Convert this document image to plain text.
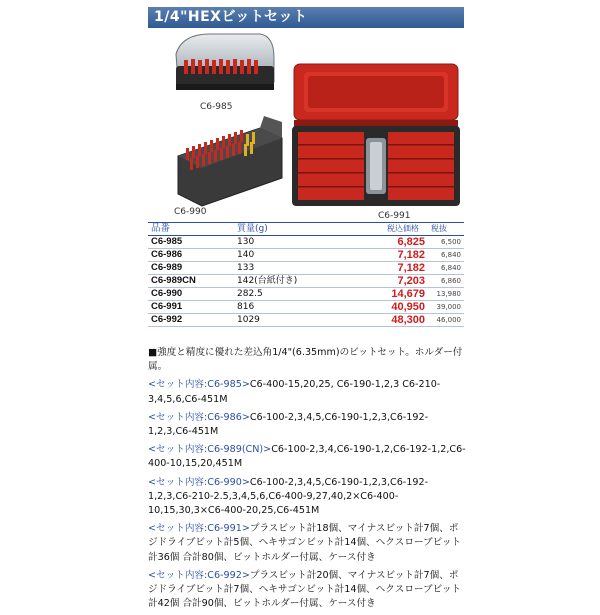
1/4"HEXビットセット
C6-985
C6-990	C6-991
品番	質量(g)	税込価格	税抜
C6-985	130	6,825	6,500
C6-986	140	7,182	6,840
C6-989	133	7,182	6,840
C6-989CN	142(台紙付き)	7,203	6,860
C6-990	282.5	14,679	13,980
C6-991	816	40,950	39,000
C6-992	1029	48,300	46,000

■強度と精度に優れた差込角1/4"(6.35mm)のビットセット。ホルダー付属。

<セット内容:C6-985>C6-400-15,20,25, C6-190-1,2,3 C6-210-3,4,5,6,C6-451M

<セット内容:C6-986>C6-100-2,3,4,5,C6-190-1,2,3,C6-192-1,2,3,C6-451M

<セット内容:C6-989(CN)>C6-100-2,3,4,C6-190-1,2,C6-192-1,2,C6-400-10,15,20,451M

<セット内容:C6-990>C6-100-2,3,4,5,C6-190-1,2,3,C6-192-1,2,3,C6-210-2.5,3,4,5,6,C6-400-9,27,40,2×C6-400-10,15,30,3×C6-400-20,25,C6-451M

<セット内容:C6-991>プラスビット計18個、マイナスビット計7個、ポジドライブビット計5個、ヘキサゴンビット計14個、ヘクスローブビット計36個 合計80個、ビットホルダー付属、ケース付き

<セット内容:C6-992>プラスビット計20個、マイナスビット計7個、ポジドライブビット計7個、ヘキサゴンビット計14個、ヘクスローブビット計42個 合計90個、ビットホルダー付属、ケース付き
